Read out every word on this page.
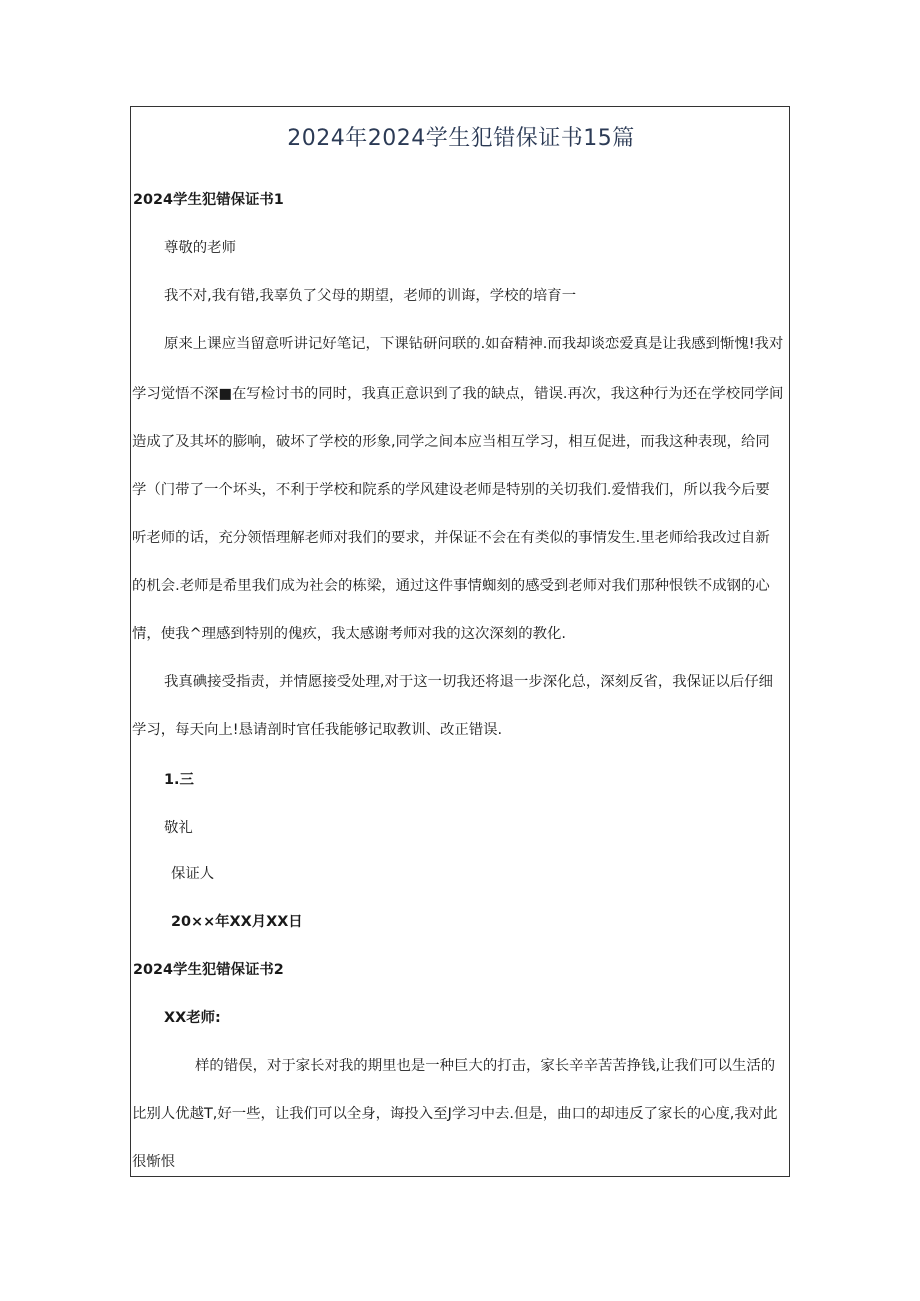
2024年2024学生犯错保证书15篇
2024学生犯错保证书1
尊敬的老师
我不对,我有错,我辜负了父母的期望，老师的训诲，学校的培育一
原来上课应当留意听讲记好笔记，下课钻研问联的.如奋精神.而我却谈恋爱真是让我感到惭愧!我对
学习觉悟不深■在写检讨书的同时，我真正意识到了我的缺点，错误.再次，我这种行为还在学校同学间
造成了及其坏的膨响，破坏了学校的形象,同学之间本应当相互学习，相互促进，而我这种表现，给同
学（门带了一个坏头，不利于学校和院系的学风建设老师是特别的关切我们.爱惜我们，所以我今后要
听老师的话，充分领悟理解老师对我们的要求，并保证不会在有类似的事情发生.里老师给我改过自新
的机会.老师是希里我们成为社会的栋梁，通过这件事情蜘刻的感受到老师对我们那种恨铁不成钢的心
情，使我^理感到特别的傀疚，我太感谢考师对我的这次深刻的教化.
我真碘接受指责，并情愿接受处理,对于这一切我还将退一步深化总，深刻反省，我保证以后仔细
学习，每天向上!恳请剖时官任我能够记取教训、改正错误.
1.三
敬礼
保证人
20××年XX月XX日
2024学生犯错保证书2
XX老师:
样的错俣，对于家长对我的期里也是一种巨大的打击，家长辛辛苦苦挣钱,让我们可以生活的
比别人优越T,好一些，让我们可以全身，诲投入至J学习中去.但是，曲口的却违反了家长的心度,我对此
很惭恨
